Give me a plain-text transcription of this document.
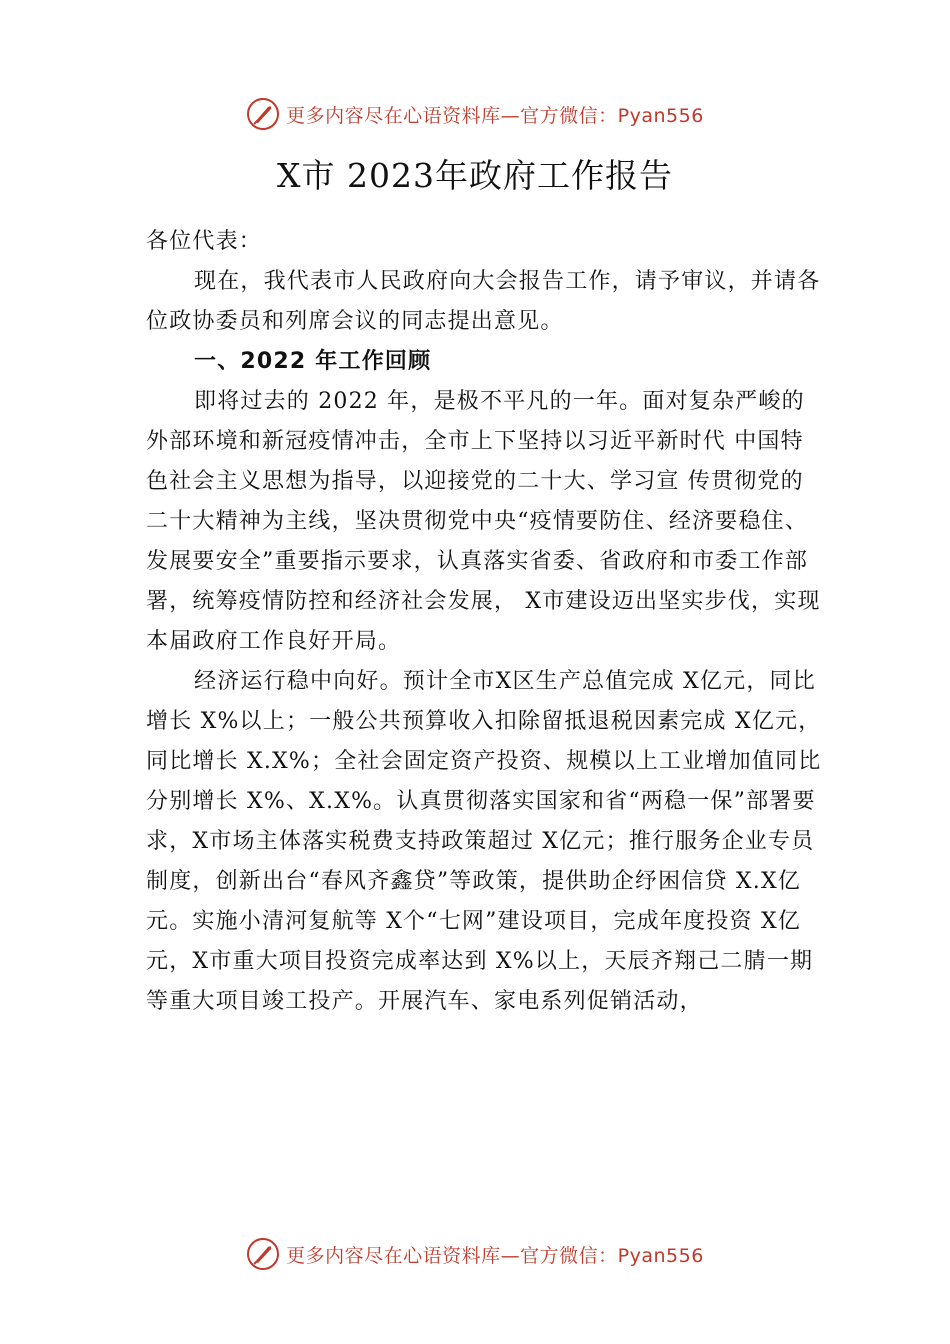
更多内容尽在心语资料库—官方微信：Pyan556
X市 2023年政府工作报告

各位代表：

现在，我代表市人民政府向大会报告工作，请予审议，并请各位政协委员和列席会议的同志提出意见。

一、2022 年工作回顾

即将过去的 2022 年，是极不平凡的一年。面对复杂严峻的外部环境和新冠疫情冲击，全市上下坚持以习近平新时代 中国特色社会主义思想为指导，以迎接党的二十大、学习宣 传贯彻党的二十大精神为主线，坚决贯彻党中央“疫情要防住、经济要稳住、发展要安全”重要指示要求，认真落实省委、省政府和市委工作部署，统筹疫情防控和经济社会发展， X市建设迈出坚实步伐，实现本届政府工作良好开局。

经济运行稳中向好。预计全市X区生产总值完成 X亿元，同比增长 X%以上；一般公共预算收入扣除留抵退税因素完成 X亿元，同比增长 X.X%；全社会固定资产投资、规模以上工业增加值同比分别增长 X%、X.X%。认真贯彻落实国家和省“两稳一保”部署要求，X市场主体落实税费支持政策超过 X亿元；推行服务企业专员制度，创新出台“春风齐鑫贷”等政策，提供助企纾困信贷 X.X亿元。实施小清河复航等 X个“七网”建设项目，完成年度投资 X亿元，X市重大项目投资完成率达到 X%以上，天辰齐翔己二腈一期等重大项目竣工投产。开展汽车、家电系列促销活动，

更多内容尽在心语资料库—官方微信：Pyan556
